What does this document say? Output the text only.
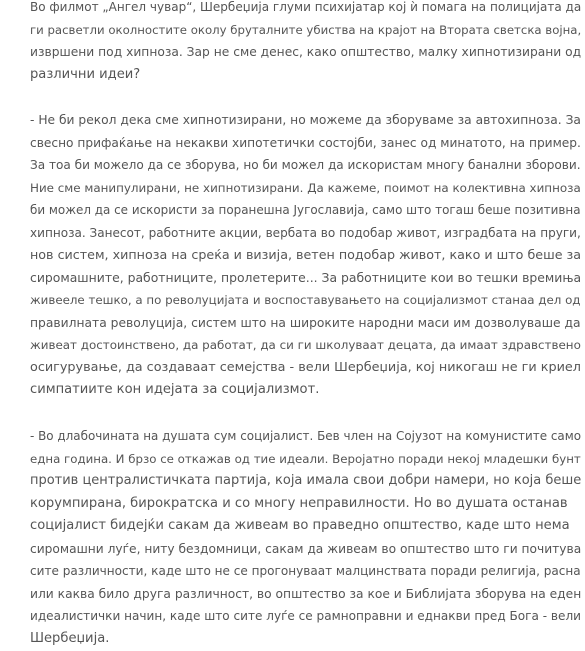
Во филмот „Ангел чувар“, Шербеџија глуми психијатар кој ѝ помага на полицијата да
ги расветли околностите околу бруталните убиства на крајот на Втората светска војна,
извршени под хипноза. Зар не сме денес, како општество, малку хипнотизирани од
различни идеи?
- Не би рекол дека сме хипнотизирани, но можеме да зборуваме за автохипноза. За
свесно прифаќање на некакви хипотетички состојби, занес од минатото, на пример.
За тоа би можело да се зборува, но би можел да искористам многу банални зборови.
Ние сме манипулирани, не хипнотизирани. Да кажеме, поимот на колективна хипноза
би можел да се искористи за поранешна Југославија, само што тогаш беше позитивна
хипноза. Занесот, работните акции, вербата во подобар живот, изградбата на пруги,
нов систем, хипноза на среќа и визија, ветен подобар живот, како и што беше за
сиромашните, работниците, пролетерите... За работниците кои во тешки времиња
живееле тешко, а по револуцијата и воспоставувањето на социјализмот станаа дел од
правилната револуција, систем што на широките народни маси им дозволуваше да
живеат достоинствено, да работат, да си ги школуваат децата, да имаат здравствено
осигурување, да создаваат семејства - вели Шербеџија, кој никогаш не ги криел
симпатиите кон идејата за социјализмот.
- Во длабочината на душата сум социјалист. Бев член на Сојузот на комунистите само
една година. И брзо се откажав од тие идеали. Веројатно поради некој младешки бунт
против централистичката партија, која имала свои добри намери, но која беше
корумпирана, бирократска и со многу неправилности. Но во душата останав
социјалист бидејќи сакам да живеам во праведно општество, каде што нема
сиромашни луѓе, ниту бездомници, сакам да живеам во општество што ги почитува
сите различности, каде што не се прогонуваат малцинствата поради религија, расна
или каква било друга различност, во општество за кое и Библијата зборува на еден
идеалистички начин, каде што сите луѓе се рамноправни и еднакви пред Бога - вели
Шербеџија.
